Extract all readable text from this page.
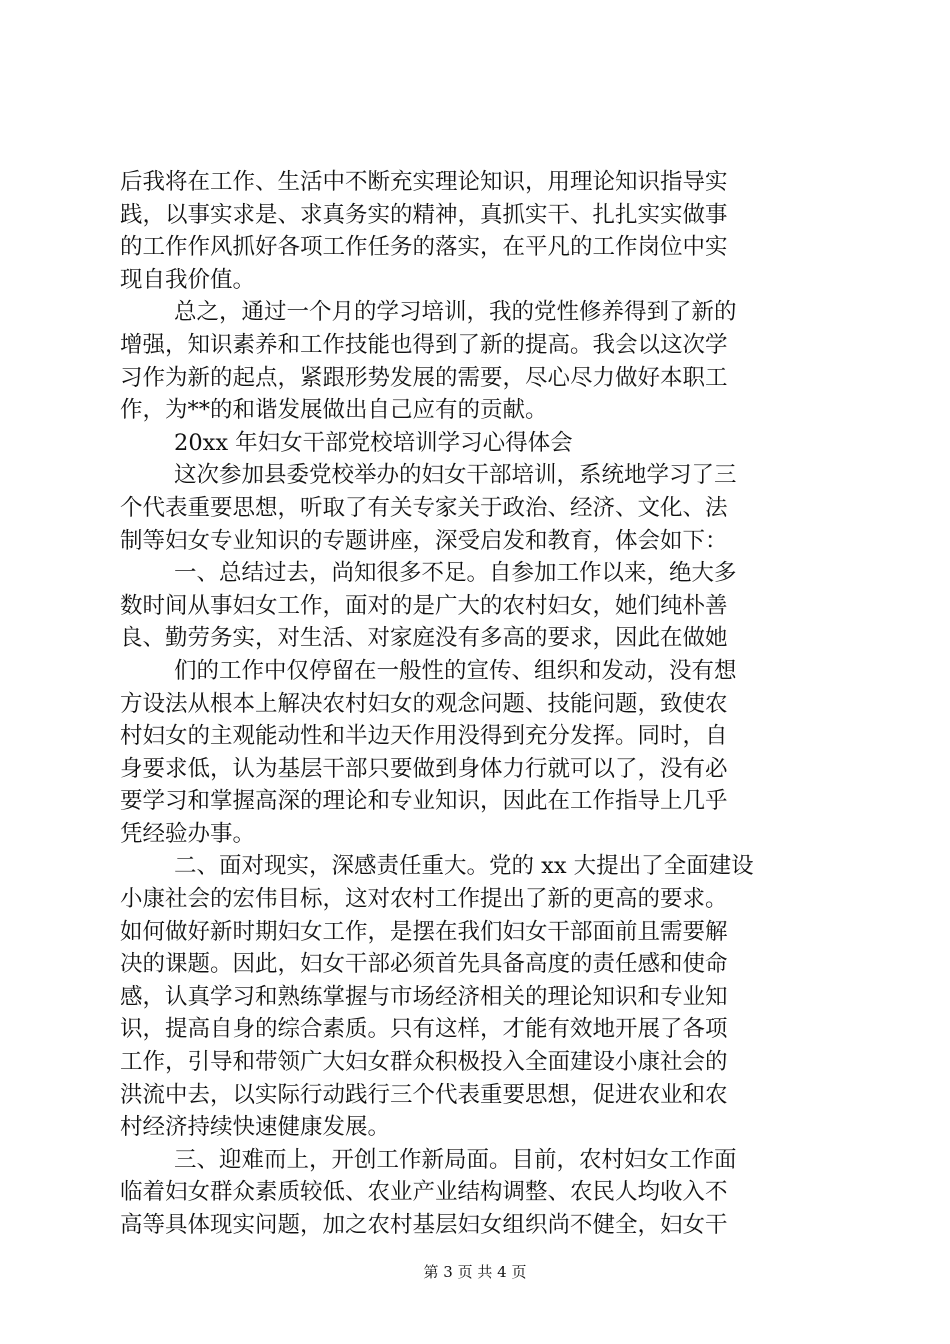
后我将在工作、生活中不断充实理论知识，用理论知识指导实
践，以事实求是、求真务实的精神，真抓实干、扎扎实实做事
的工作作风抓好各项工作任务的落实，在平凡的工作岗位中实
现自我价值。
总之，通过一个月的学习培训，我的党性修养得到了新的
增强，知识素养和工作技能也得到了新的提高。我会以这次学
习作为新的起点，紧跟形势发展的需要，尽心尽力做好本职工
作，为**的和谐发展做出自己应有的贡献。
20xx 年妇女干部党校培训学习心得体会
这次参加县委党校举办的妇女干部培训，系统地学习了三
个代表重要思想，听取了有关专家关于政治、经济、文化、法
制等妇女专业知识的专题讲座，深受启发和教育，体会如下：
一、总结过去，尚知很多不足。自参加工作以来，绝大多
数时间从事妇女工作，面对的是广大的农村妇女，她们纯朴善
良、勤劳务实，对生活、对家庭没有多高的要求，因此在做她
们的工作中仅停留在一般性的宣传、组织和发动，没有想
方设法从根本上解决农村妇女的观念问题、技能问题，致使农
村妇女的主观能动性和半边天作用没得到充分发挥。同时，自
身要求低，认为基层干部只要做到身体力行就可以了，没有必
要学习和掌握高深的理论和专业知识，因此在工作指导上几乎
凭经验办事。
二、面对现实，深感责任重大。党的 xx 大提出了全面建设
小康社会的宏伟目标，这对农村工作提出了新的更高的要求。
如何做好新时期妇女工作，是摆在我们妇女干部面前且需要解
决的课题。因此，妇女干部必须首先具备高度的责任感和使命
感，认真学习和熟练掌握与市场经济相关的理论知识和专业知
识，提高自身的综合素质。只有这样，才能有效地开展了各项
工作，引导和带领广大妇女群众积极投入全面建设小康社会的
洪流中去，以实际行动践行三个代表重要思想，促进农业和农
村经济持续快速健康发展。
三、迎难而上，开创工作新局面。目前，农村妇女工作面
临着妇女群众素质较低、农业产业结构调整、农民人均收入不
高等具体现实问题，加之农村基层妇女组织尚不健全，妇女干
第 3 页 共 4 页
